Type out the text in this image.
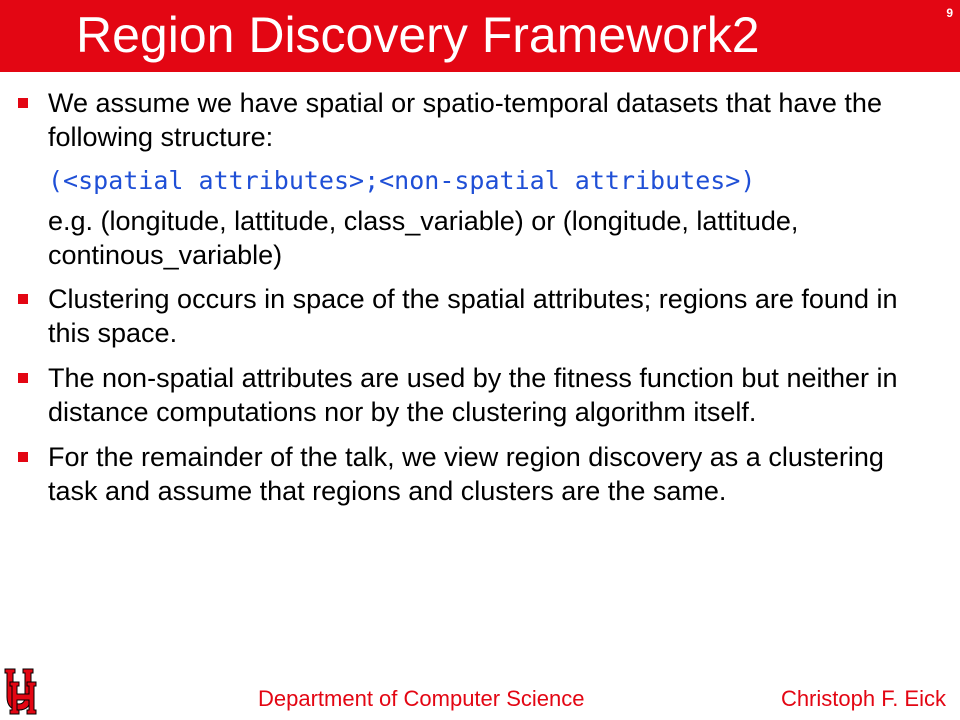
Region Discovery Framework2	9
We assume we have spatial or spatio-temporal datasets that have the following structure:
(<spatial attributes>;<non-spatial attributes>)
e.g. (longitude, lattitude, class_variable) or (longitude, lattitude, continous_variable)
Clustering occurs in space of the spatial attributes; regions are found in this space.
The non-spatial attributes are used by the fitness function but neither in distance computations nor by the clustering algorithm itself.
For the remainder of the talk, we view region discovery as a clustering task and assume that regions and clusters are the same.
Department of Computer Science	Christoph F. Eick
